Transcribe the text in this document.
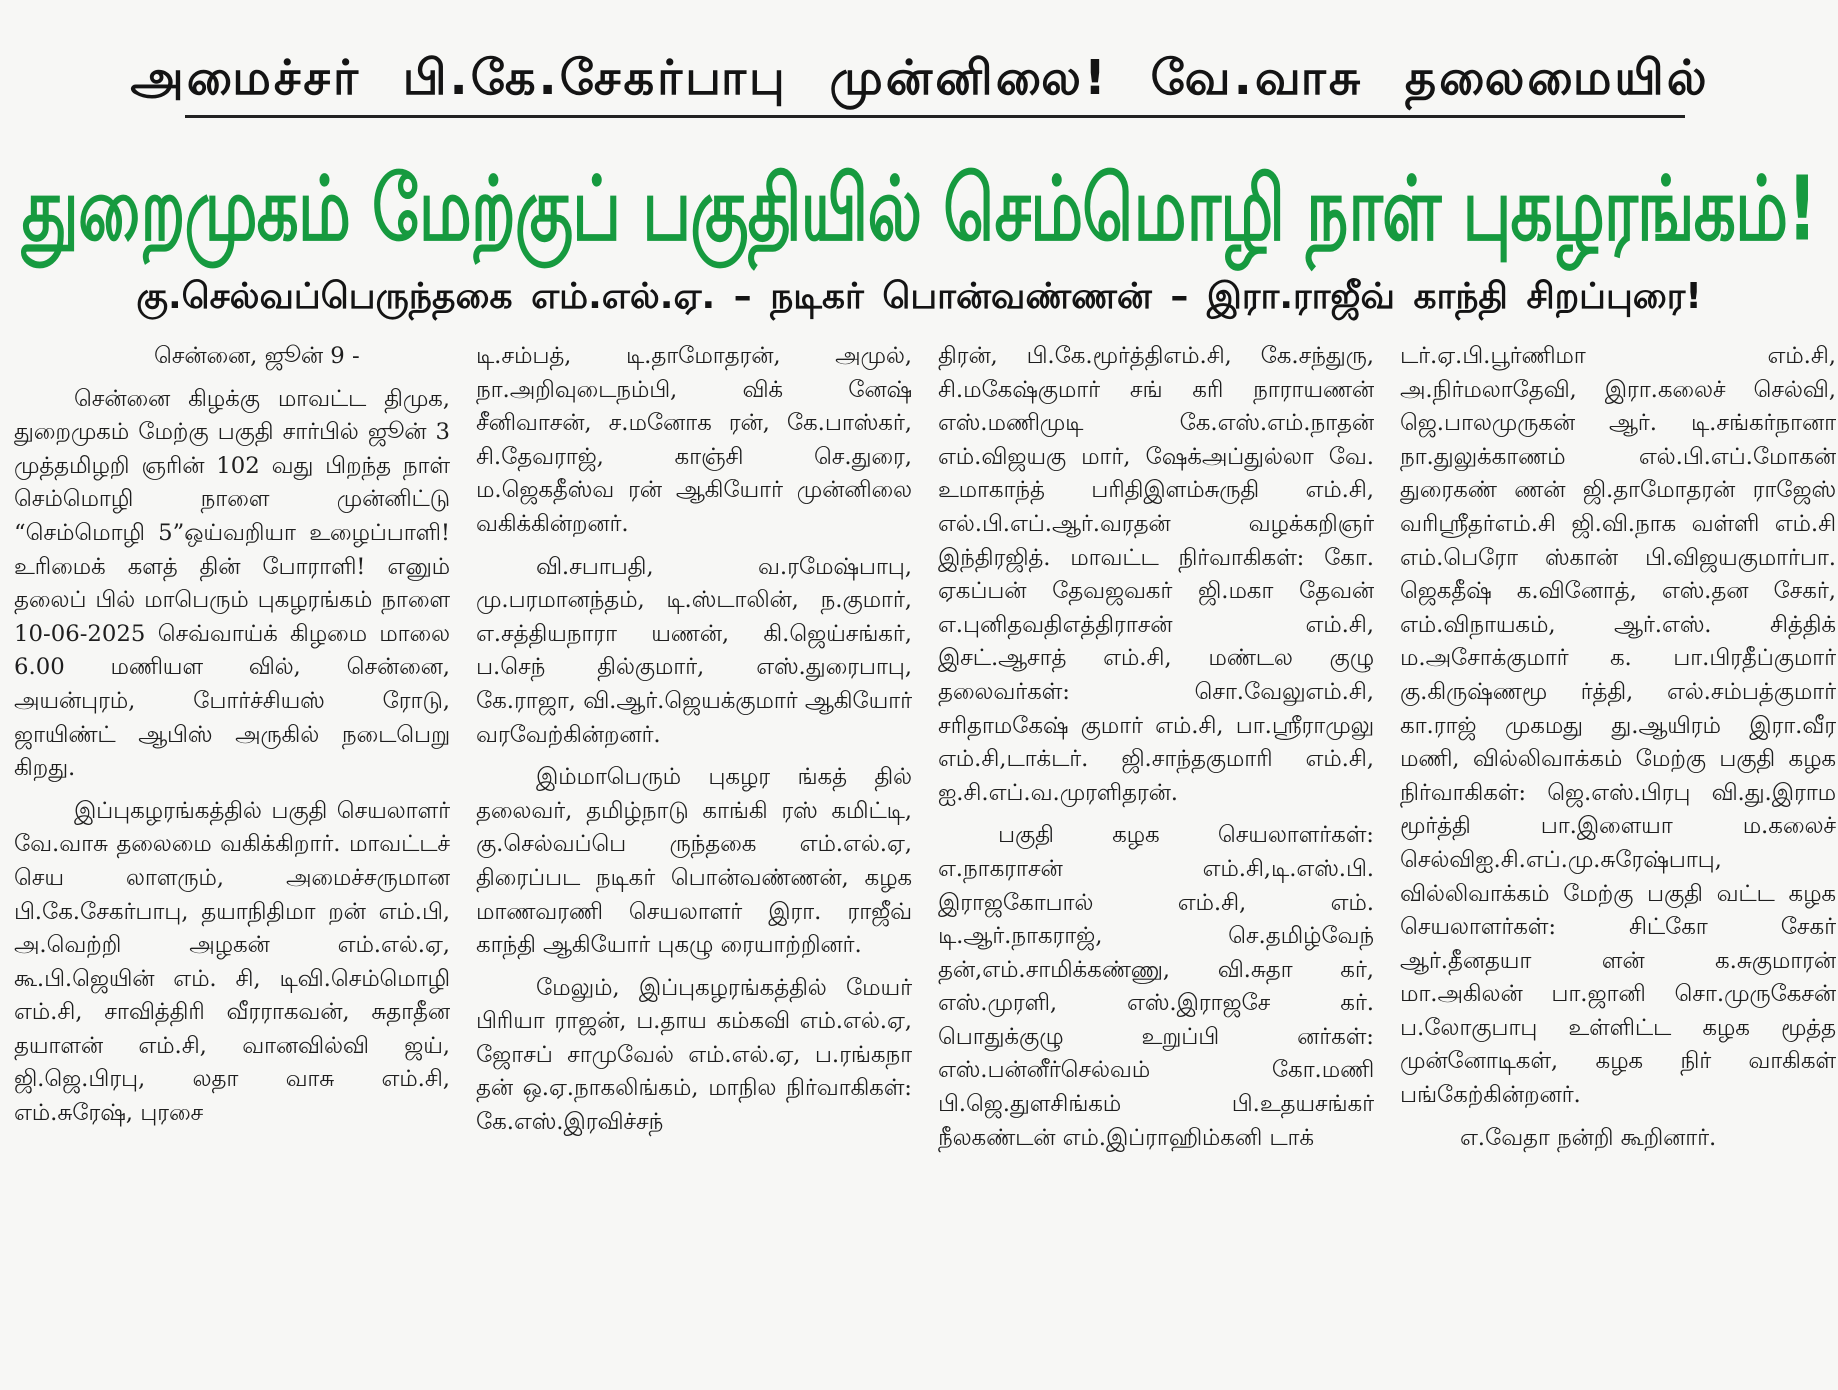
அமைச்சர் பி.கே.சேகர்பாபு முன்னிலை! வே.வாசு தலைமையில்
துறைமுகம் மேற்குப் பகுதியில் செம்மொழி நாள் புகழரங்கம்!
கு.செல்வப்பெருந்தகை எம்.எல்.ஏ. – நடிகர் பொன்வண்ணன் – இரா.ராஜீவ் காந்தி சிறப்புரை!

சென்னை, ஜூன் 9 -

சென்னை கிழக்கு மாவட்ட திமுக, துறைமுகம் மேற்கு பகுதி சார்பில் ஜூன் 3 முத்தமிழறி ஞரின் 102 வது பிறந்த நாள் செம்மொழி நாளை முன்னிட்டு “செம்மொழி 5”ஒய்வறியா உழைப்பாளி! உரிமைக் களத் தின் போராளி! எனும் தலைப் பில் மாபெரும் புகழரங்கம் நாளை 10-06-2025 செவ்வாய்க் கிழமை மாலை 6.00 மணியள வில், சென்னை, அயன்புரம், போர்ச்சியஸ் ரோடு, ஜாயிண்ட் ஆபிஸ் அருகில் நடைபெறு கிறது.

இப்புகழரங்கத்தில் பகுதி செயலாளர் வே.வாசு தலைமை வகிக்கிறார். மாவட்டச் செய லாளரும், அமைச்சருமான பி.கே.சேகர்பாபு, தயாநிதிமா றன் எம்.பி, அ.வெற்றி அழகன் எம்.எல்.ஏ, கூ.பி.ஜெயின் எம். சி, டிவி.செம்மொழி எம்.சி, சாவித்திரி வீரராகவன், சுதாதீன தயாளன் எம்.சி, வானவில்வி ஜய், ஜி.ஜெ.பிரபு, லதா வாசு எம்.சி, எம்.சுரேஷ், புரசை

டி.சம்பத், டி.தாமோதரன், அமுல், நா.அறிவுடைநம்பி, விக் னேஷ் சீனிவாசன், ச.மனோக ரன், கே.பாஸ்கர், சி.தேவராஜ், காஞ்சி செ.துரை, ம.ஜெகதீஸ்வ ரன் ஆகியோர் முன்னிலை வகிக்கின்றனர்.

வி.சபாபதி, வ.ரமேஷ்பாபு, மு.பரமானந்தம், டி.ஸ்டாலின், ந.குமார், எ.சத்தியநாரா யணன், கி.ஜெய்சங்கர், ப.செந் தில்குமார், எஸ்.துரைபாபு, கே.ராஜா, வி.ஆர்.ஜெயக்குமார் ஆகியோர் வரவேற்கின்றனர்.

இம்மாபெரும் புகழர ங்கத் தில் தலைவர், தமிழ்நாடு காங்கி ரஸ் கமிட்டி, கு.செல்வப்பெ ருந்தகை எம்.எல்.ஏ, திரைப்பட நடிகர் பொன்வண்ணன், கழக மாணவரணி செயலாளர் இரா. ராஜீவ் காந்தி ஆகியோர் புகழு ரையாற்றினர்.

மேலும், இப்புகழரங்கத்தில் மேயர் பிரியா ராஜன், ப.தாய கம்கவி எம்.எல்.ஏ, ஜோசப் சாமுவேல் எம்.எல்.ஏ, ப.ரங்கநா தன் ஒ.ஏ.நாகலிங்கம், மாநில நிர்வாகிகள்: கே.எஸ்.இரவிச்சந்

திரன், பி.கே.மூர்த்திஎம்.சி, கே.சந்துரு, சி.மகேஷ்குமார் சங் கரி நாராயணன் எஸ்.மணிமுடி கே.எஸ்.எம்.நாதன் எம்.விஜயகு மார், ஷேக்அப்துல்லா வே. உமாகாந்த் பரிதிஇளம்சுருதி எம்.சி, எல்.பி.எப்.ஆர்.வரதன் வழக்கறிஞர் இந்திரஜித். மாவட்ட நிர்வாகிகள்: கோ. ஏகப்பன் தேவஜவகர் ஜி.மகா தேவன் எ.புனிதவதிஎத்திராசன் எம்.சி, இசட்.ஆசாத் எம்.சி, மண்டல குழு தலைவர்கள்: சொ.வேலுஎம்.சி, சரிதாமகேஷ் குமார் எம்.சி, பா.ஸ்ரீராமுலு எம்.சி,டாக்டர். ஜி.சாந்தகுமாரி எம்.சி, ஐ.சி.எப்.வ.முரளிதரன்.

பகுதி கழக செயலாளர்கள்: எ.நாகராசன் எம்.சி,டி.எஸ்.பி. இராஜகோபால் எம்.சி, எம். டி.ஆர்.நாகராஜ், செ.தமிழ்வேந் தன்,எம்.சாமிக்கண்ணு, வி.சுதா கர், எஸ்.முரளி, எஸ்.இராஜசே கர். பொதுக்குழு உறுப்பி னர்கள்: எஸ்.பன்னீர்செல்வம் கோ.மணி பி.ஜெ.துளசிங்கம் பி.உதயசங்கர் நீலகண்டன் எம்.இப்ராஹிம்கனி டாக்

டர்.ஏ.பி.பூர்ணிமா எம்.சி, அ.நிர்மலாதேவி, இரா.கலைச் செல்வி, ஜெ.பாலமுருகன் ஆர். டி.சங்கர்நானா நா.துலுக்காணம் எல்.பி.எப்.மோகன் துரைகண் ணன் ஜி.தாமோதரன் ராஜேஸ் வரிஸ்ரீதர்எம்.சி ஜி.வி.நாக வள்ளி எம்.சி எம்.பெரோ ஸ்கான் பி.விஜயகுமார்பா. ஜெகதீஷ் க.வினோத், எஸ்.தன சேகர், எம்.விநாயகம், ஆர்.எஸ். சித்திக் ம.அசோக்குமார் க. பா.பிரதீப்குமார் கு.கிருஷ்ணமூ ர்த்தி, எல்.சம்பத்குமார் கா.ராஜ் முகமது து.ஆயிரம் இரா.வீர மணி, வில்லிவாக்கம் மேற்கு பகுதி கழக நிர்வாகிகள்: ஜெ.எஸ்.பிரபு வி.து.இராம மூர்த்தி பா.இளையா ம.கலைச் செல்விஐ.சி.எப்.மு.சுரேஷ்பாபு, வில்லிவாக்கம் மேற்கு பகுதி வட்ட கழக செயலாளர்கள்: சிட்கோ சேகர் ஆர்.தீனதயா ளன் க.சுகுமாரன் மா.அகிலன் பா.ஜானி சொ.முருகேசன் ப.லோகுபாபு உள்ளிட்ட கழக மூத்த முன்னோடிகள், கழக நிர் வாகிகள் பங்கேற்கின்றனர்.

எ.வேதா நன்றி கூறினார்.
